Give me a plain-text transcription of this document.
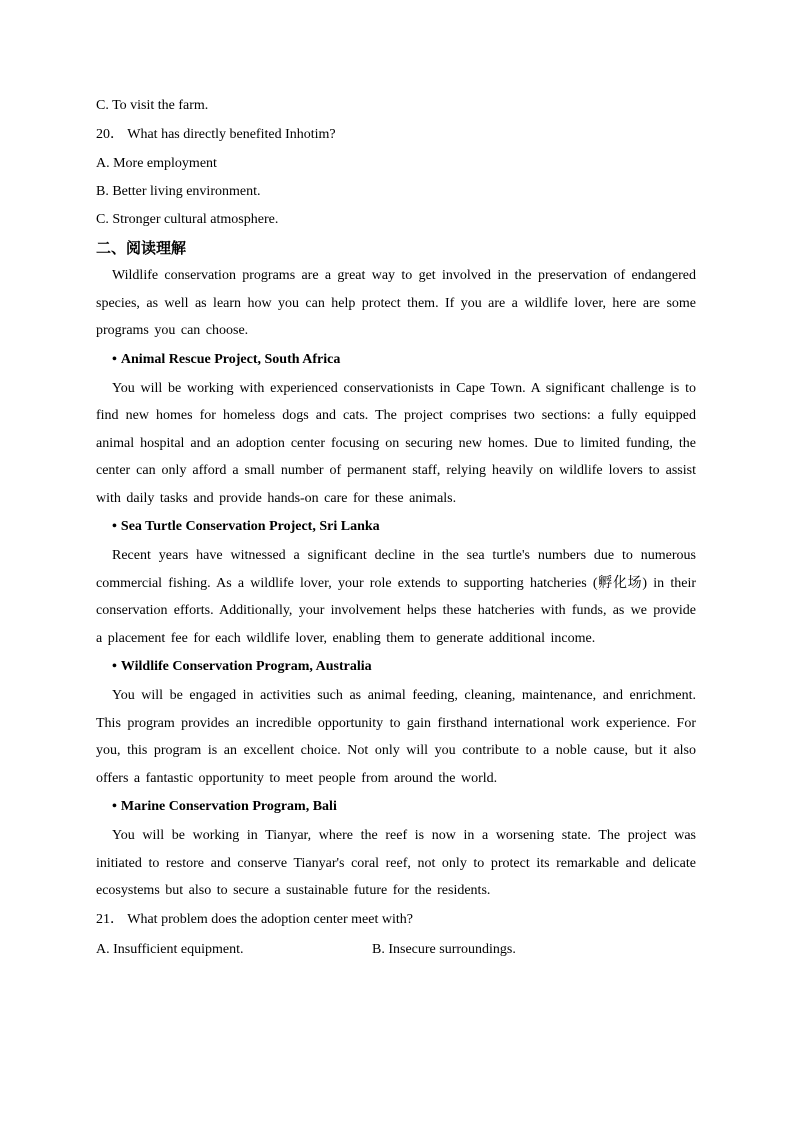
C. To visit the farm.
20． What has directly benefited Inhotim?
A. More employment
B. Better living environment.
C. Stronger cultural atmosphere.
二、阅读理解

Wildlife conservation programs are a great way to get involved in the preservation of endangered species, as well as learn how you can help protect them. If you are a wildlife lover, here are some programs you can choose.

• Animal Rescue Project, South Africa

You will be working with experienced conservationists in Cape Town. A significant challenge is to find new homes for homeless dogs and cats. The project comprises two sections: a fully equipped animal hospital and an adoption center focusing on securing new homes. Due to limited funding, the center can only afford a small number of permanent staff, relying heavily on wildlife lovers to assist with daily tasks and provide hands-on care for these animals.

• Sea Turtle Conservation Project, Sri Lanka

Recent years have witnessed a significant decline in the sea turtle's numbers due to numerous commercial fishing. As a wildlife lover, your role extends to supporting hatcheries (孵化场) in their conservation efforts. Additionally, your involvement helps these hatcheries with funds, as we provide a placement fee for each wildlife lover, enabling them to generate additional income.

• Wildlife Conservation Program, Australia

You will be engaged in activities such as animal feeding, cleaning, maintenance, and enrichment. This program provides an incredible opportunity to gain firsthand international work experience. For you, this program is an excellent choice. Not only will you contribute to a noble cause, but it also offers a fantastic opportunity to meet people from around the world.

• Marine Conservation Program, Bali

You will be working in Tianyar, where the reef is now in a worsening state. The project was initiated to restore and conserve Tianyar's coral reef, not only to protect its remarkable and delicate ecosystems but also to secure a sustainable future for the residents.

21． What problem does the adoption center meet with?
A. Insufficient equipment.	B. Insecure surroundings.
